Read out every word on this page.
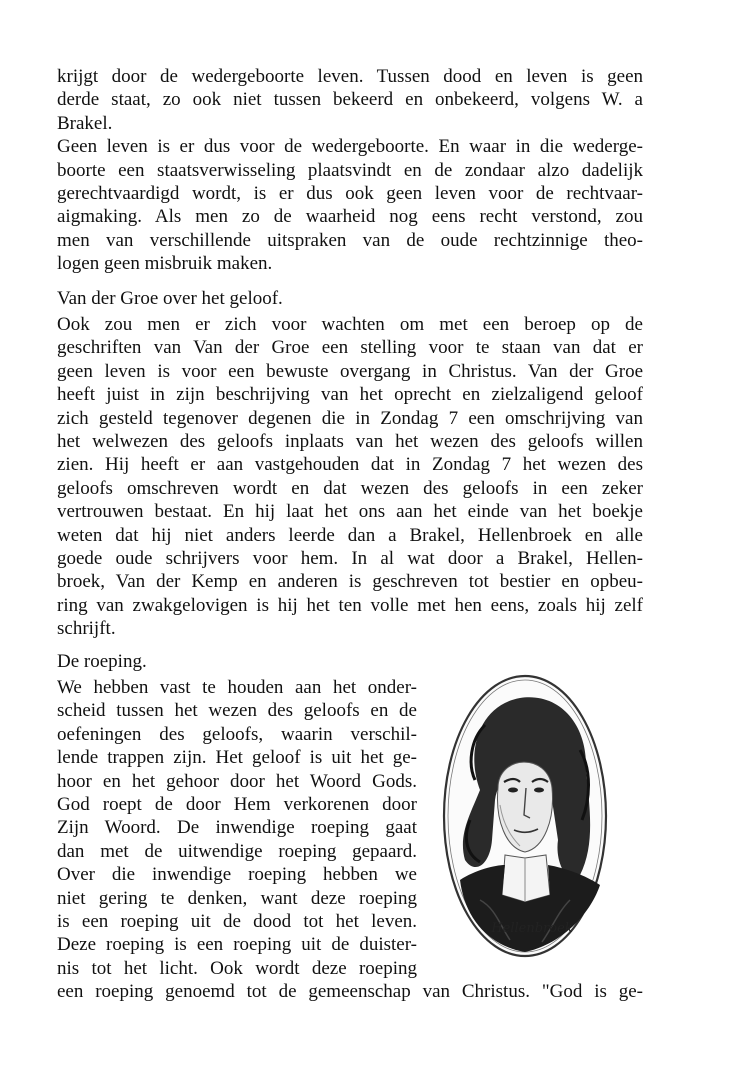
krijgt door de wedergeboorte leven. Tussen dood en leven is geen
derde staat, zo ook niet tussen bekeerd en onbekeerd, volgens W. a
Brakel.
Geen leven is er dus voor de wedergeboorte. En waar in die wederge-
boorte een staatsverwisseling plaatsvindt en de zondaar alzo dadelijk
gerechtvaardigd wordt, is er dus ook geen leven voor de rechtvaar-
aigmaking. Als men zo de waarheid nog eens recht verstond, zou
men van verschillende uitspraken van de oude rechtzinnige theo-
logen geen misbruik maken.
Van der Groe over het geloof.
Ook zou men er zich voor wachten om met een beroep op de
geschriften van Van der Groe een stelling voor te staan van dat er
geen leven is voor een bewuste overgang in Christus. Van der Groe
heeft juist in zijn beschrijving van het oprecht en zielzaligend geloof
zich gesteld tegenover degenen die in Zondag 7 een omschrijving van
het welwezen des geloofs inplaats van het wezen des geloofs willen
zien. Hij heeft er aan vastgehouden dat in Zondag 7 het wezen des
geloofs omschreven wordt en dat wezen des geloofs in een zeker
vertrouwen bestaat. En hij laat het ons aan het einde van het boekje
weten dat hij niet anders leerde dan a Brakel, Hellenbroek en alle
goede oude schrijvers voor hem. In al wat door a Brakel, Hellen-
broek, Van der Kemp en anderen is geschreven tot bestier en opbeu-
ring van zwakgelovigen is hij het ten volle met hen eens, zoals hij zelf
schrijft.
De roeping.
We hebben vast te houden aan het onder-
scheid tussen het wezen des geloofs en de
oefeningen des geloofs, waarin verschil-
lende trappen zijn. Het geloof is uit het ge-
hoor en het gehoor door het Woord Gods.
God roept de door Hem verkorenen door
Zijn Woord. De inwendige roeping gaat
dan met de uitwendige roeping gepaard.
Over die inwendige roeping hebben we
niet gering te denken, want deze roeping
is een roeping uit de dood tot het leven.
Deze roeping is een roeping uit de duister-
nis tot het licht. Ook wordt deze roeping
een roeping genoemd tot de gemeenschap van Christus. "God is ge-
Hellenbroek
